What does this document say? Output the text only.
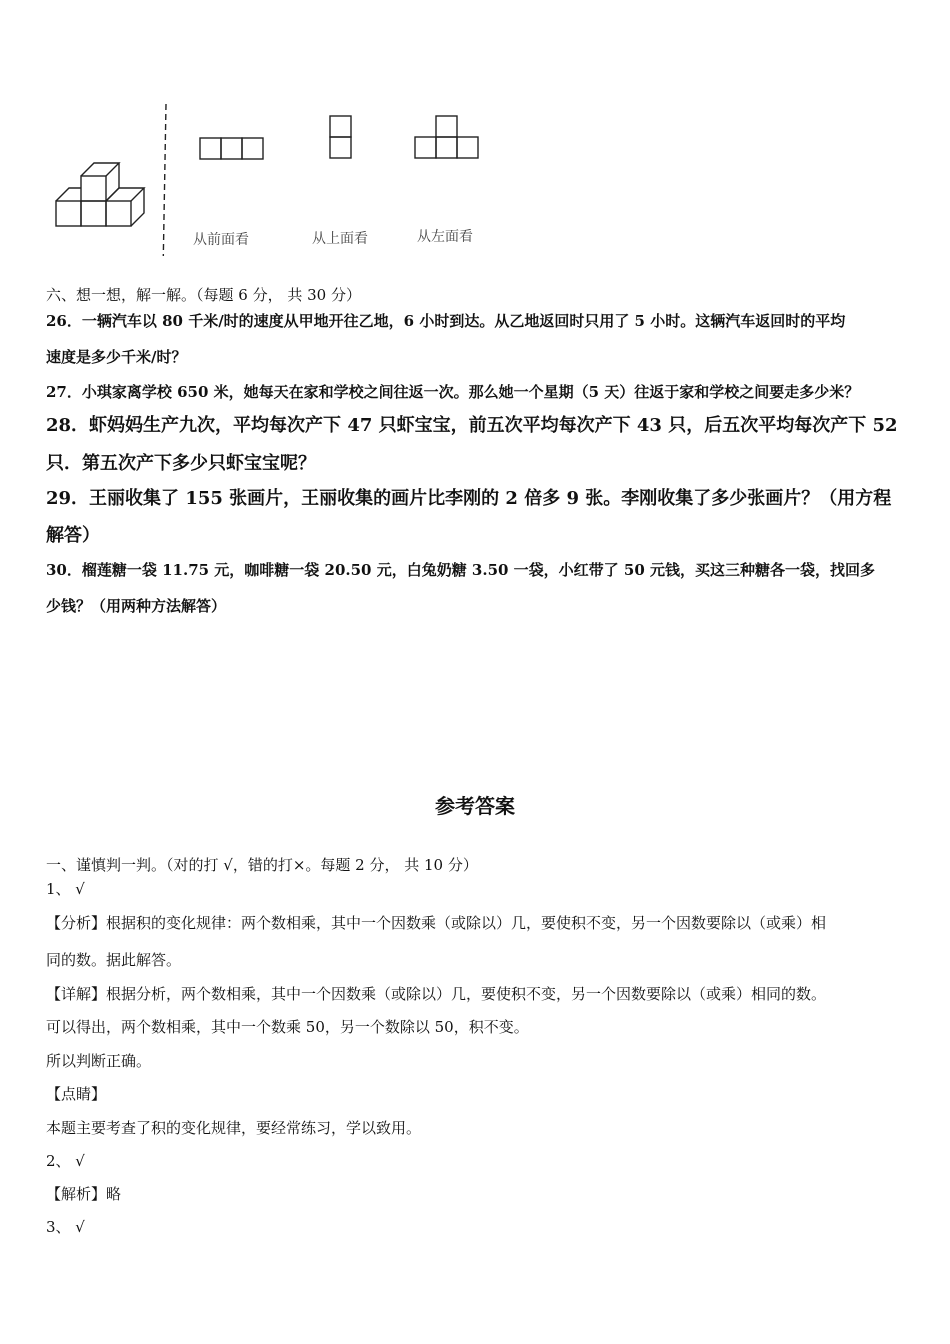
从前面看	从上面看	从左面看
六、想一想，解一解。（每题 6 分， 共 30 分）
26．一辆汽车以 80 千米/时的速度从甲地开往乙地，6 小时到达。从乙地返回时只用了 5 小时。这辆汽车返回时的平均
速度是多少千米/时？
27．小琪家离学校 650 米，她每天在家和学校之间往返一次。那么她一个星期（5 天）往返于家和学校之间要走多少米？
28．虾妈妈生产九次，平均每次产下 47 只虾宝宝，前五次平均每次产下 43 只，后五次平均每次产下 52
只．第五次产下多少只虾宝宝呢？
29．王丽收集了 155 张画片，王丽收集的画片比李刚的 2 倍多 9 张。李刚收集了多少张画片？（用方程
解答）
30．榴莲糖一袋 11.75 元，咖啡糖一袋 20.50 元，白兔奶糖 3.50 一袋，小红带了 50 元钱，买这三种糖各一袋，找回多
少钱？（用两种方法解答）
参考答案
一、谨慎判一判。（对的打 √，错的打×。每题 2 分， 共 10 分）
1、 √
【分析】根据积的变化规律：两个数相乘，其中一个因数乘（或除以）几，要使积不变，另一个因数要除以（或乘）相
同的数。据此解答。
【详解】根据分析，两个数相乘，其中一个因数乘（或除以）几，要使积不变，另一个因数要除以（或乘）相同的数。
可以得出，两个数相乘，其中一个数乘 50，另一个数除以 50，积不变。
所以判断正确。
【点睛】
本题主要考查了积的变化规律，要经常练习，学以致用。
2、 √
【解析】略
3、 √
